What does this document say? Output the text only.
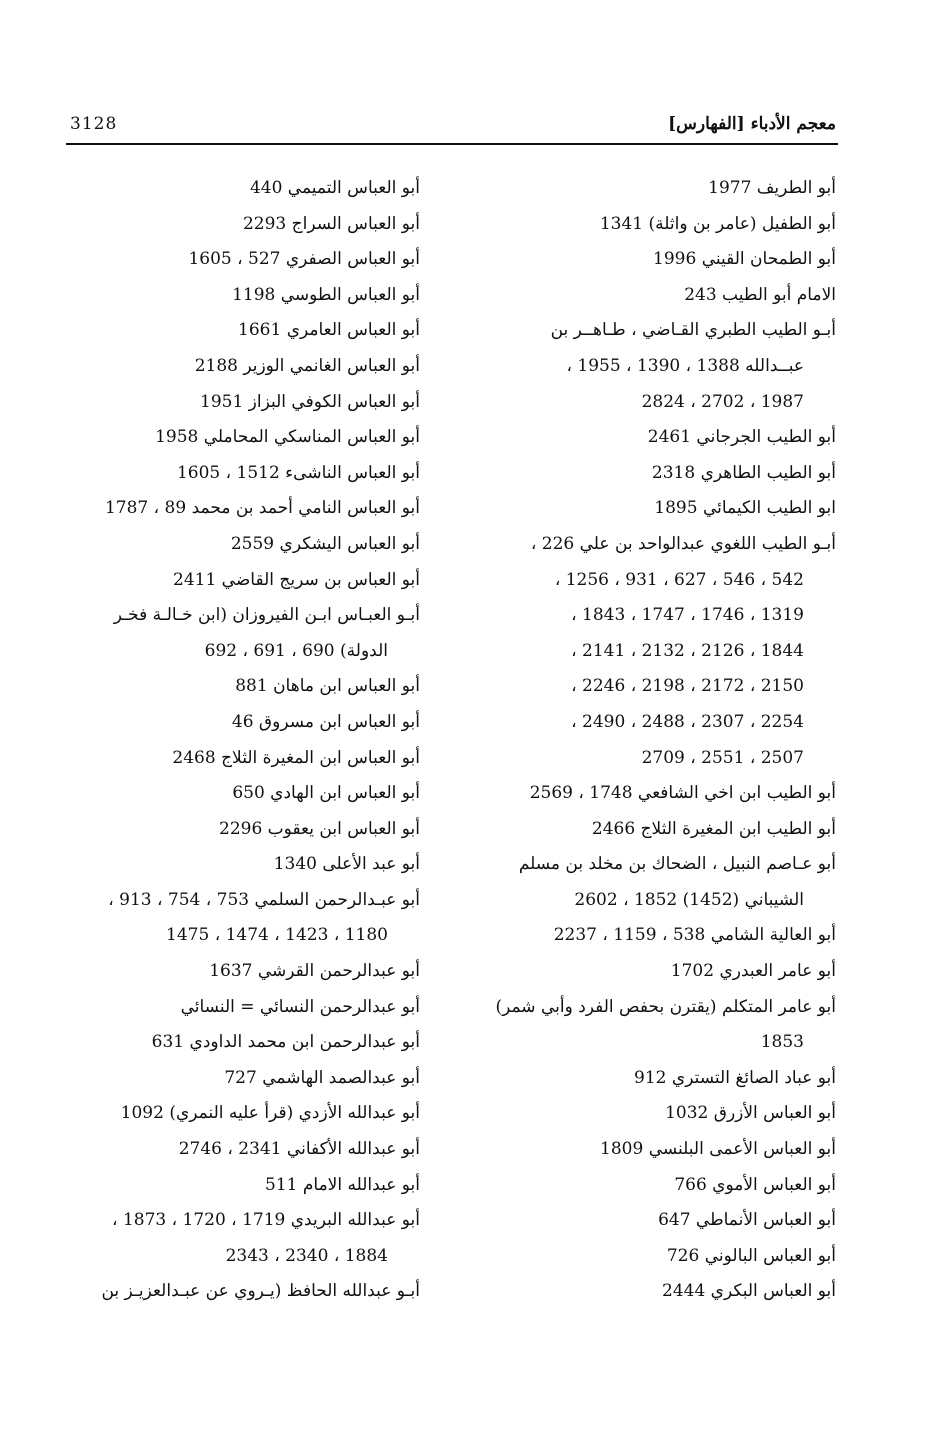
3128	معجم الأدباء [الفهارس]
أبو الطريف 1977
أبو الطفيل (عامر بن واثلة) 1341
أبو الطمحان القيني 1996
الامام أبو الطيب 243
أبـو الطيب الطبري القـاضي ، طـاهــر بن
عبــدالله 1388 ، 1390 ، 1955 ،
1987 ، 2702 ، 2824
أبو الطيب الجرجاني 2461
أبو الطيب الطاهري 2318
ابو الطيب الكيمائي 1895
أبـو الطيب اللغوي عبدالواحد بن علي 226 ،
542 ، 546 ، 627 ، 931 ، 1256 ،
1319 ، 1746 ، 1747 ، 1843 ،
1844 ، 2126 ، 2132 ، 2141 ،
2150 ، 2172 ، 2198 ، 2246 ،
2254 ، 2307 ، 2488 ، 2490 ،
2507 ، 2551 ، 2709
أبو الطيب ابن اخي الشافعي 1748 ، 2569
أبو الطيب ابن المغيرة الثلاج 2466
أبو عـاصم النبيل ، الضحاك بن مخلد بن مسلم
الشيباني (1452) 1852 ، 2602
أبو العالية الشامي 538 ، 1159 ، 2237
أبو عامر العبدري 1702
أبو عامر المتكلم (يقترن بحفص الفرد وأبي شمر)
1853
أبو عباد الصائغ التستري 912
أبو العباس الأزرق 1032
أبو العباس الأعمى البلنسي 1809
أبو العباس الأموي 766
أبو العباس الأنماطي 647
أبو العباس البالوني 726
أبو العباس البكري 2444
أبو العباس التميمي 440
أبو العباس السراج 2293
أبو العباس الصفري 527 ، 1605
أبو العباس الطوسي 1198
أبو العباس العامري 1661
أبو العباس الغانمي الوزير 2188
أبو العباس الكوفي البزاز 1951
أبو العباس المناسكي المحاملي 1958
أبو العباس الناشىء 1512 ، 1605
أبو العباس النامي أحمد بن محمد 89 ، 1787
أبو العباس اليشكري 2559
أبو العباس بن سريج القاضي 2411
أبـو العبـاس ابـن الفيروزان (ابن خـالـة فخـر
الدولة) 690 ، 691 ، 692
أبو العباس ابن ماهان 881
أبو العباس ابن مسروق 46
أبو العباس ابن المغيرة الثلاج 2468
أبو العباس ابن الهادي 650
أبو العباس ابن يعقوب 2296
أبو عبد الأعلى 1340
أبو عبـدالرحمن السلمي 753 ، 754 ، 913 ،
1180 ، 1423 ، 1474 ، 1475
أبو عبدالرحمن القرشي 1637
أبو عبدالرحمن النسائي = النسائي
أبو عبدالرحمن ابن محمد الداودي 631
أبو عبدالصمد الهاشمي 727
أبو عبدالله الأزدي (قرأ عليه النمري) 1092
أبو عبدالله الأكفاني 2341 ، 2746
أبو عبدالله الامام 511
أبو عبدالله البريدي 1719 ، 1720 ، 1873 ،
1884 ، 2340 ، 2343
أبـو عبدالله الحافظ (يـروي عن عبـدالعزيـز بن
